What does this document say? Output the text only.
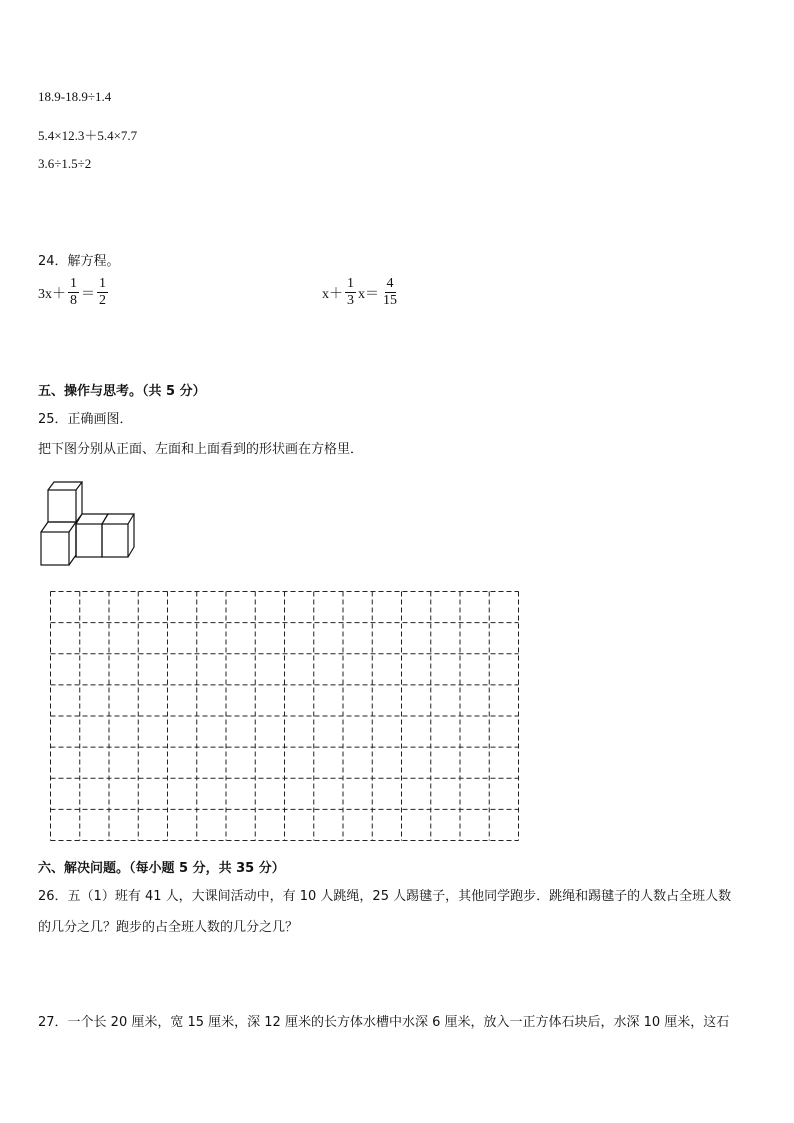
18.9-18.9÷1.4
5.4×12.3＋5.4×7.7
3.6÷1.5÷2
24．解方程。
$3x+ \frac{1}{8} = \frac{1}{2}$	$x+ \frac{1}{3} x= \frac{4}{15}$
五、操作与思考。（共 5 分）
25．正确画图．
把下图分别从正面、左面和上面看到的形状画在方格里．
六、解决问题。（每小题 5 分，共 35 分）
26．五（1）班有 41 人，大课间活动中，有 10 人跳绳，25 人踢毽子，其他同学跑步．跳绳和踢毽子的人数占全班人数
的几分之几？跑步的占全班人数的几分之几？
27．一个长 20 厘米，宽 15 厘米，深 12 厘米的长方体水槽中水深 6 厘米，放入一正方体石块后，水深 10 厘米，这石
